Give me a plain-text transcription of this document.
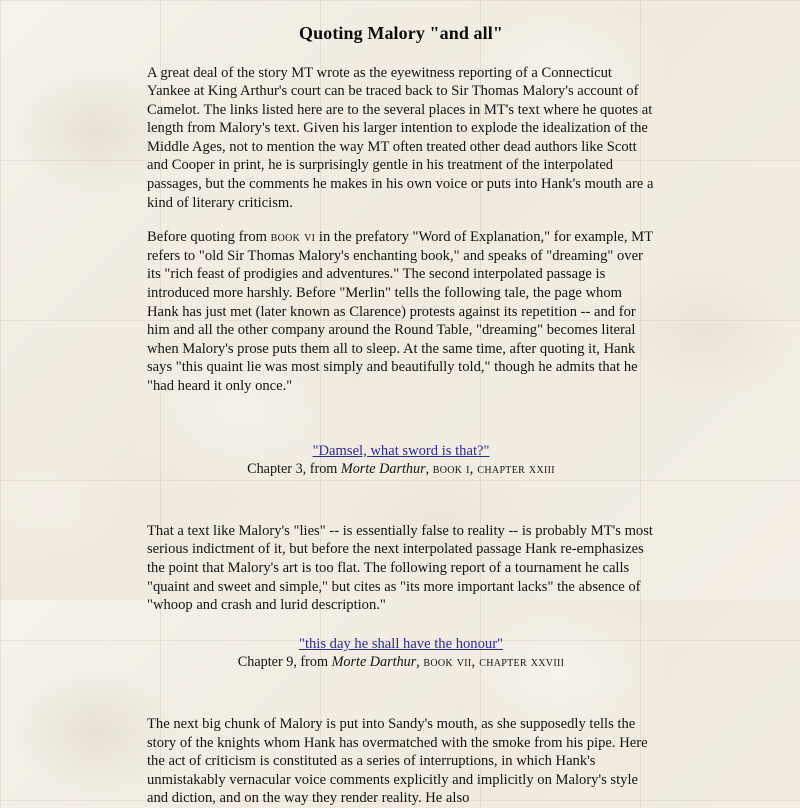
Quoting Malory "and all"

A great deal of the story MT wrote as the eyewitness reporting of a Connecticut Yankee at King Arthur's court can be traced back to Sir Thomas Malory's account of Camelot. The links listed here are to the several places in MT's text where he quotes at length from Malory's text. Given his larger intention to explode the idealization of the Middle Ages, not to mention the way MT often treated other dead authors like Scott and Cooper in print, he is surprisingly gentle in his treatment of the interpolated passages, but the comments he makes in his own voice or puts into Hank's mouth are a kind of literary criticism.

Before quoting from book vi in the prefatory "Word of Explanation," for example, MT refers to "old Sir Thomas Malory's enchanting book," and speaks of "dreaming" over its "rich feast of prodigies and adventures." The second interpolated passage is introduced more harshly. Before "Merlin" tells the following tale, the page whom Hank has just met (later known as Clarence) protests against its repetition -- and for him and all the other company around the Round Table, "dreaming" becomes literal when Malory's prose puts them all to sleep. At the same time, after quoting it, Hank says "this quaint lie was most simply and beautifully told," though he admits that he "had heard it only once."

"Damsel, what sword is that?"
Chapter 3, from Morte Darthur, book i, chapter xxiii

That a text like Malory's "lies" -- is essentially false to reality -- is probably MT's most serious indictment of it, but before the next interpolated passage Hank re-emphasizes the point that Malory's art is too flat. The following report of a tournament he calls "quaint and sweet and simple," but cites as "its more important lacks" the absence of "whoop and crash and lurid description."

"this day he shall have the honour"
Chapter 9, from Morte Darthur, book vii, chapter xxviii

The next big chunk of Malory is put into Sandy's mouth, as she supposedly tells the story of the knights whom Hank has overmatched with the smoke from his pipe. Here the act of criticism is constituted as a series of interruptions, in which Hank's unmistakably vernacular voice comments explicitly and implicitly on Malory's style and diction, and on the way they render reality. He also
